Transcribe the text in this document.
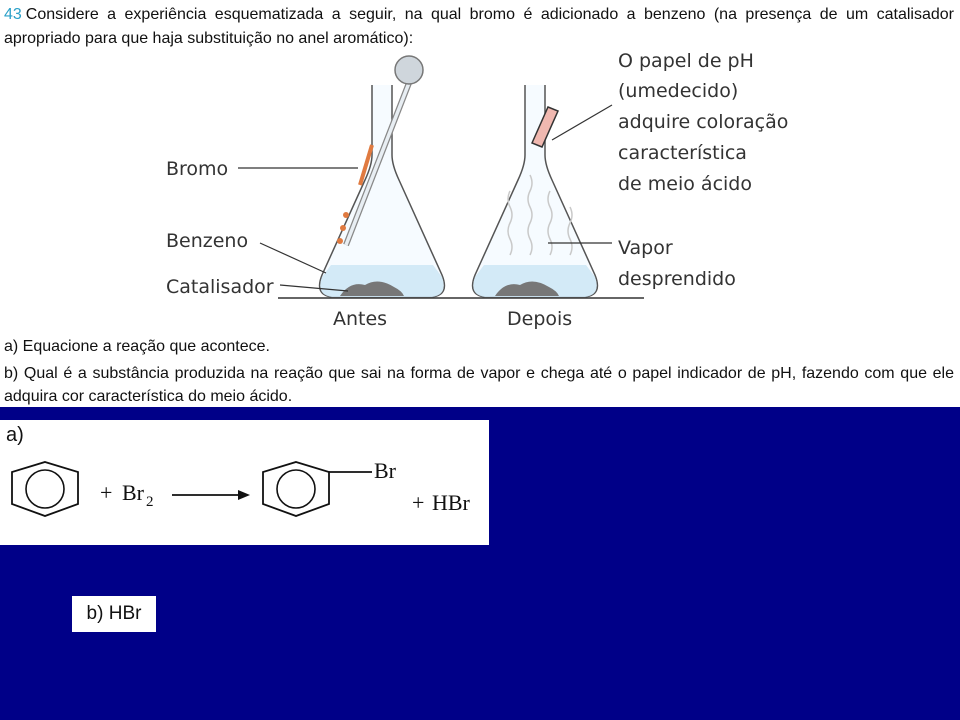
43 Considere a experiência esquematizada a seguir, na qual bromo é adicionado a benzeno (na presença de um catalisador apropriado para que haja substituição no anel aromático):
Bromo
Benzeno
Catalisador
Antes	Depois
O papel de pH
(umedecido)
adquire coloração
característica
de meio ácido
Vapor
desprendido
a) Equacione a reação que acontece.
b) Qual é a substância produzida na reação que sai na forma de vapor e chega até o papel indicador de pH, fazendo com que ele adquira cor característica do meio ácido.
a)
+ Br 2
Br
+ HBr
b) HBr
